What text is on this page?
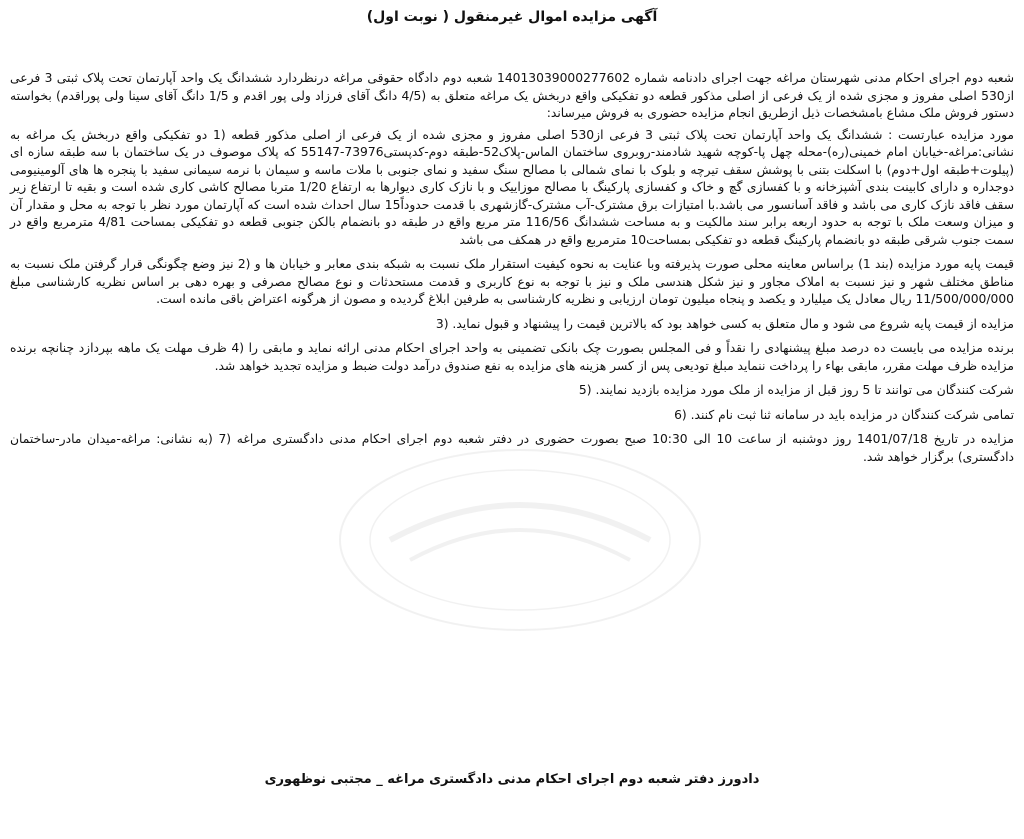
آگهی مزایده اموال غیرمنقول ( نوبت اول)

شعبه دوم اجرای احکام مدنی شهرستان مراغه جهت اجرای دادنامه شماره 14013039000277602 شعبه دوم دادگاه حقوقی مراغه درنظردارد ششدانگ یک واحد آپارتمان تحت پلاک ثبتی 3 فرعی از530 اصلی مفروز و مجزی شده از یک فرعی از اصلی مذکور قطعه دو تفکیکی واقع دربخش یک مراغه متعلق به (4/5 دانگ آقای فرزاد ولی پور اقدم و 1/5 دانگ آقای سینا ولی پوراقدم) بخواسته دستور فروش ملک مشاع بامشخصات ذیل ازطریق انجام مزایده حضوری به فروش میرساند:

مورد مزایده عبارتست : ششدانگ یک واحد آپارتمان تحت پلاک ثبتی 3 فرعی از530 اصلی مفروز و مجزی شده از یک فرعی از اصلی مذکور قطعه (1 دو تفکیکی واقع دربخش یک مراغه به نشانی:مراغه-خیابان امام خمینی(ره)-محله چهل پا-کوچه شهید شادمند-روبروی ساختمان الماس-پلاک52-طبقه دوم-کدپستی73976-55147 که پلاک موصوف در یک ساختمان با سه طبقه سازه ای (پیلوت+طبقه اول+دوم) با اسکلت بتنی با پوشش سقف تیرچه و بلوک با نمای شمالی با مصالح سنگ سفید و نمای جنوبی با ملات ماسه و سیمان با نرمه سیمانی سفید با پنجره ها های آلومینیومی دوجداره و دارای کابینت بندی آشپزخانه و با کفسازی گچ و خاک و کفسازی پارکینگ با مصالح موزاییک و با نازک کاری دیوارها به ارتفاع 1/20 متربا مصالح کاشی کاری شده است و بقیه تا ارتفاع زیر سقف فاقد نازک کاری می باشد و فاقد آسانسور می باشد.با امتیازات برق مشترک-آب مشترک-گازشهری با قدمت حدوداً15 سال احداث شده است که آپارتمان مورد نظر با توجه به محل و مقدار آن و میزان وسعت ملک با توجه به حدود اربعه برابر سند مالکیت و به مساحت ششدانگ 116/56 متر مربع واقع در طبقه دو بانضمام بالکن جنوبی قطعه دو تفکیکی بمساحت 4/81 مترمربع واقع در سمت جنوب شرقی طبقه دو بانضمام پارکینگ قطعه دو تفکیکی بمساحت10 مترمربع واقع در همکف می باشد

قیمت پایه مورد مزایده (بند 1) براساس معاینه محلی صورت پذیرفته وبا عنایت به نحوه کیفیت استقرار ملک نسبت به شبکه بندی معابر و خیابان ها و (2 نیز وضع چگونگی قرار گرفتن ملک نسبت به مناطق مختلف شهر و نیز نسبت به املاک مجاور و نیز شکل هندسی ملک و نیز با توجه به نوع کاربری و قدمت مستحدثات و نوع مصالح مصرفی و بهره دهی بر اساس نظریه کارشناسی مبلغ 11/500/000/000 ریال معادل یک میلیارد و یکصد و پنجاه میلیون تومان ارزیابی و نظریه کارشناسی به طرفین ابلاغ گردیده و مصون از هرگونه اعتراض باقی مانده است.

مزایده از قیمت پایه شروع می شود و مال متعلق به کسی خواهد بود که بالاترین قیمت را پیشنهاد و قبول نماید. (3

برنده مزایده می بایست ده درصد مبلغ پیشنهادی را نقداً و فی المجلس بصورت چک بانکی تضمینی به واحد اجرای احکام مدنی ارائه نماید و مابقی را (4 ظرف مهلت یک ماهه بپردازد چنانچه برنده مزایده ظرف مهلت مقرر، مابقی بهاء را پرداخت ننماید مبلغ تودیعی پس از کسر هزینه های مزایده به نفع صندوق درآمد دولت ضبط و مزایده تجدید خواهد شد.

شرکت کنندگان می توانند تا 5 روز قبل از مزایده از ملک مورد مزایده بازدید نمایند. (5

تمامی شرکت کنندگان در مزایده باید در سامانه ثنا ثبت نام کنند. (6

مزایده در تاریخ 1401/07/18 روز دوشنبه از ساعت 10 الی 10:30 صبح بصورت حضوری در دفتر شعبه دوم اجرای احکام مدنی دادگستری مراغه (7 (به نشانی: مراغه-میدان مادر-ساختمان دادگستری) برگزار خواهد شد.

دادورز دفتر شعبه دوم اجرای احکام مدنی دادگستری مراغه _ مجتبی نوظهوری
